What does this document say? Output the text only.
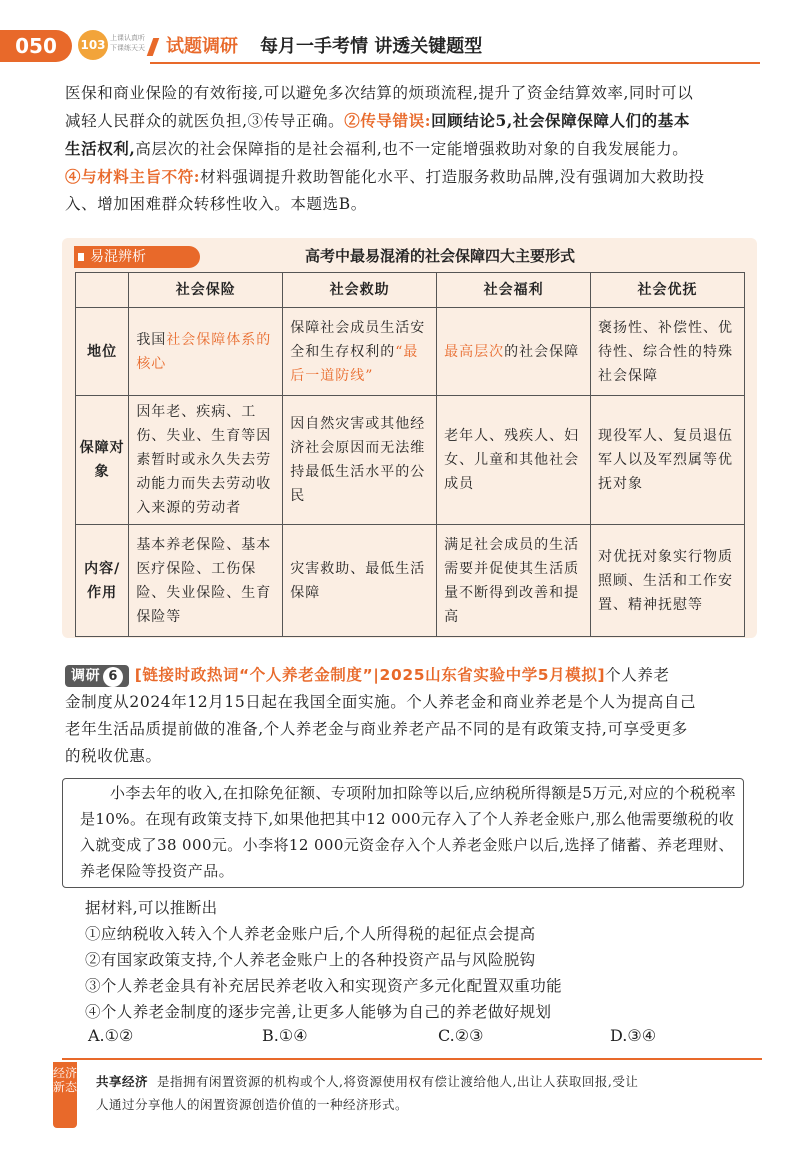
050	103 上课认真听
下课练天天 试题调研 每月一手考情 讲透关键题型
医保和商业保险的有效衔接,可以避免多次结算的烦琐流程,提升了资金结算效率,同时可以
减轻人民群众的就医负担,③传导正确。②传导错误:回顾结论5,社会保障保障人们的基本
生活权利,高层次的社会保障指的是社会福利,也不一定能增强救助对象的自我发展能力。
④与材料主旨不符:材料强调提升救助智能化水平、打造服务救助品牌,没有强调加大救助投
入、增加困难群众转移性收入。本题选B。
易混辨析	高考中最易混淆的社会保障四大主要形式
	社会保险	社会救助	社会福利	社会优抚
地位	我国社会保障体系的核心	保障社会成员生活安全和生存权利的“最后一道防线”	最高层次的社会保障	褒扬性、补偿性、优待性、综合性的特殊社会保障
保障对象	因年老、疾病、工伤、失业、生育等因素暂时或永久失去劳动能力而失去劳动收入来源的劳动者	因自然灾害或其他经济社会原因而无法维持最低生活水平的公民	老年人、残疾人、妇女、儿童和其他社会成员	现役军人、复员退伍军人以及军烈属等优抚对象
内容/作用	基本养老保险、基本医疗保险、工伤保险、失业保险、生育保险等	灾害救助、最低生活保障	满足社会成员的生活需要并促使其生活质量不断得到改善和提高	对优抚对象实行物质照顾、生活和工作安置、精神抚慰等
调研 6 [链接时政热词“个人养老金制度”|2025山东省实验中学5月模拟]个人养老
金制度从2024年12月15日起在我国全面实施。个人养老金和商业养老是个人为提高自己
老年生活品质提前做的准备,个人养老金与商业养老产品不同的是有政策支持,可享受更多
的税收优惠。
小李去年的收入,在扣除免征额、专项附加扣除等以后,应纳税所得额是5万元,对应的个税税率是10%。在现有政策支持下,如果他把其中12 000元存入了个人养老金账户,那么他需要缴税的收入就变成了38 000元。小李将12 000元资金存入个人养老金账户以后,选择了储蓄、养老理财、养老保险等投资产品。
据材料,可以推断出
①应纳税收入转入个人养老金账户后,个人所得税的起征点会提高
②有国家政策支持,个人养老金账户上的各种投资产品与风险脱钩
③个人养老金具有补充居民养老收入和实现资产多元化配置双重功能
④个人养老金制度的逐步完善,让更多人能够为自己的养老做好规划
A.①②	B.①④	C.②③	D.③④
经济新态 共享经济 是指拥有闲置资源的机构或个人,将资源使用权有偿让渡给他人,出让人获取回报,受让
人通过分享他人的闲置资源创造价值的一种经济形式。
